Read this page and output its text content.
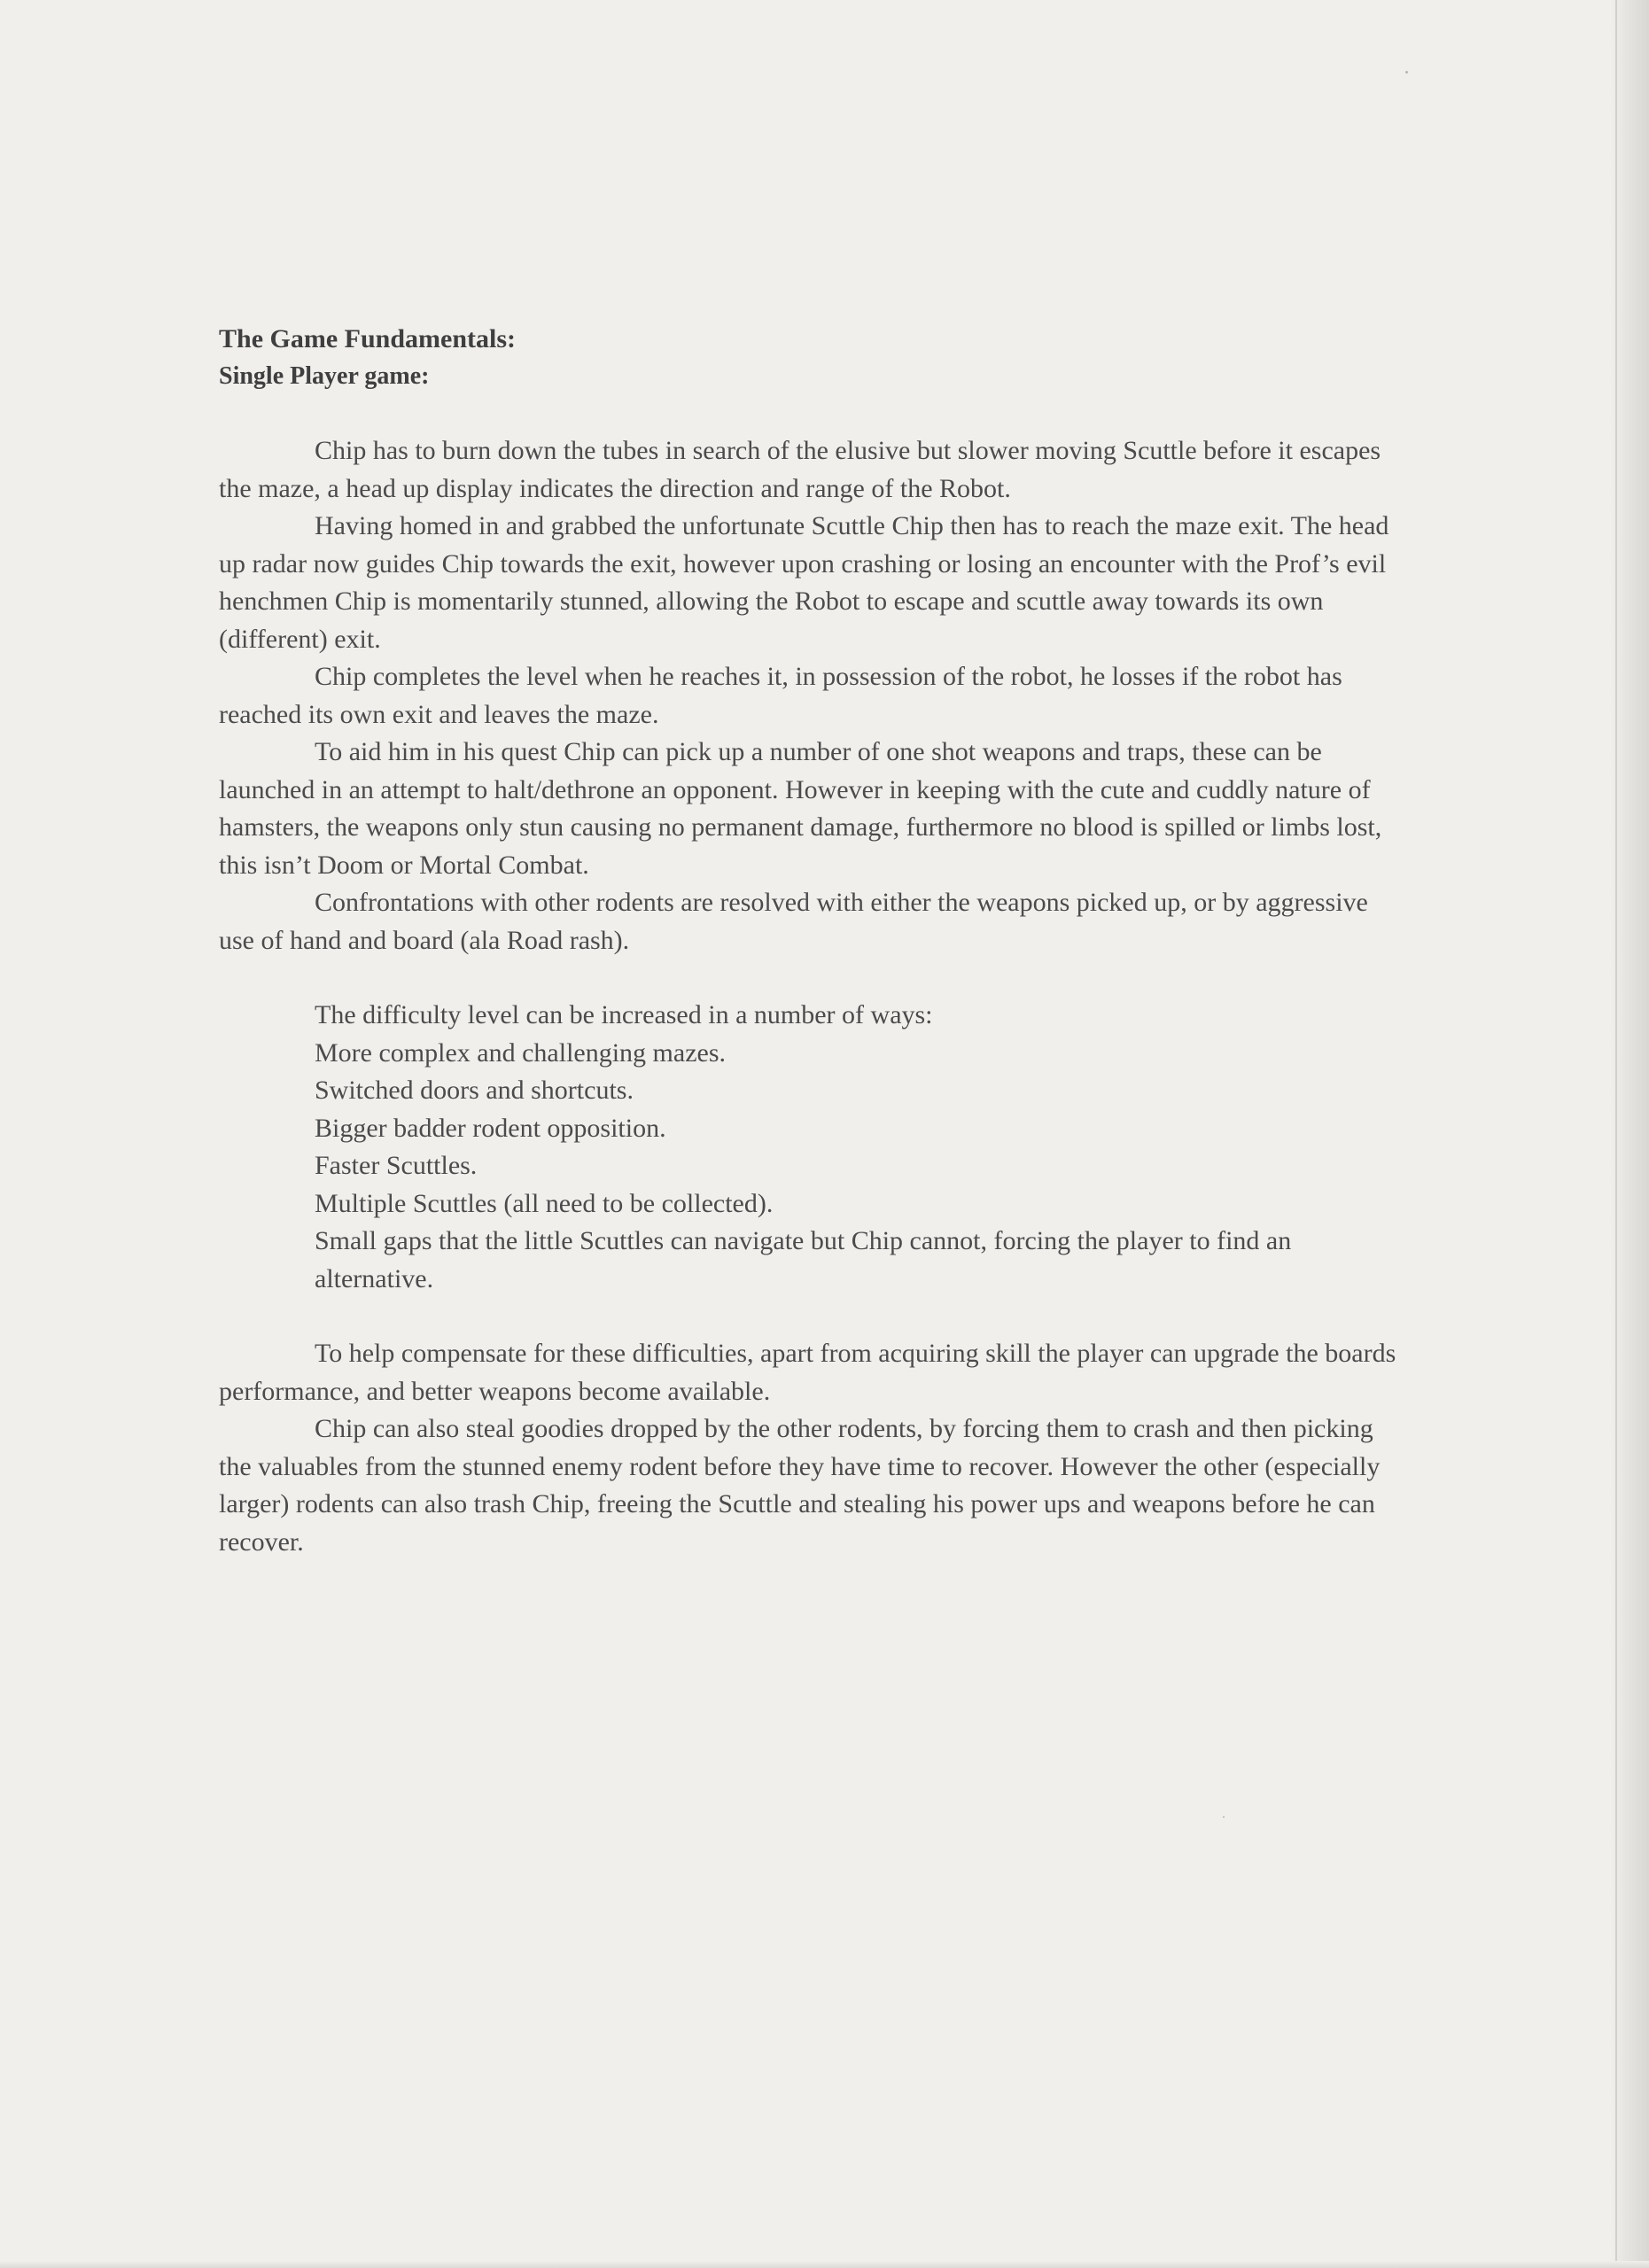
The Game Fundamentals:

Single Player game:

Chip has to burn down the tubes in search of the elusive but slower moving Scuttle before it escapes the maze, a head up display indicates the direction and range of the Robot.

Having homed in and grabbed the unfortunate Scuttle Chip then has to reach the maze exit. The head up radar now guides Chip towards the exit, however upon crashing or losing an encounter with the Prof’s evil henchmen Chip is momentarily stunned, allowing the Robot to escape and scuttle away towards its own (different) exit.

Chip completes the level when he reaches it, in possession of the robot, he losses if the robot has reached its own exit and leaves the maze.

To aid him in his quest Chip can pick up a number of one shot weapons and traps, these can be launched in an attempt to halt/dethrone an opponent. However in keeping with the cute and cuddly nature of hamsters, the weapons only stun causing no permanent damage, furthermore no blood is spilled or limbs lost, this isn’t Doom or Mortal Combat.

Confrontations with other rodents are resolved with either the weapons picked up, or by aggressive use of hand and board (ala Road rash).

The difficulty level can be increased in a number of ways:

More complex and challenging mazes.

Switched doors and shortcuts.

Bigger badder rodent opposition.

Faster Scuttles.

Multiple Scuttles (all need to be collected).

Small gaps that the little Scuttles can navigate but Chip cannot, forcing the player to find an alternative.

To help compensate for these difficulties, apart from acquiring skill the player can upgrade the boards performance, and better weapons become available.

Chip can also steal goodies dropped by the other rodents, by forcing them to crash and then picking the valuables from the stunned enemy rodent before they have time to recover. However the other (especially larger) rodents can also trash Chip, freeing the Scuttle and stealing his power ups and weapons before he can recover.
